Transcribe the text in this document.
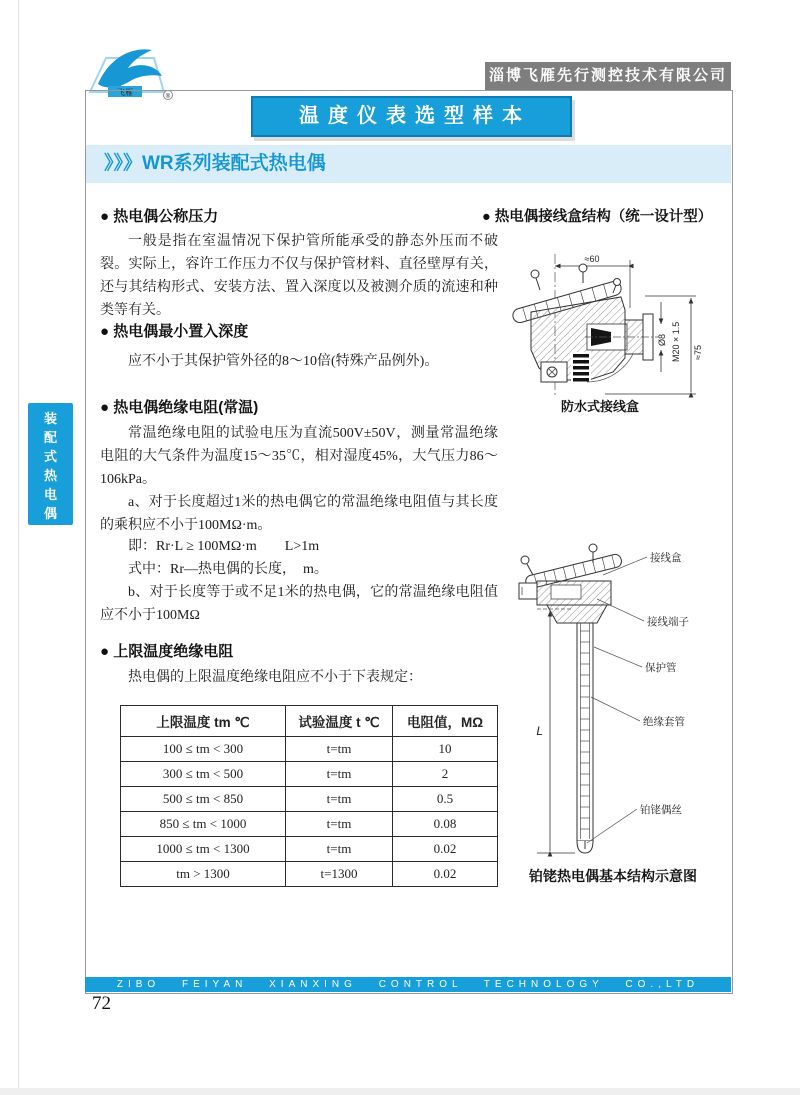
飞雁	®
淄博飞雁先行测控技术有限公司
温 度 仪 表 选 型 样 本
》》》WR系列装配式热电偶
装配式热电偶
● 热电偶公称压力
一般是指在室温情况下保护管所能承受的静态外压而不破裂。实际上，容许工作压力不仅与保护管材料、直径壁厚有关，还与其结构形式、安装方法、置入深度以及被测介质的流速和种类等有关。
● 热电偶最小置入深度
应不小于其保护管外径的8～10倍(特殊产品例外)。
● 热电偶绝缘电阻(常温)
常温绝缘电阻的试验电压为直流500V±50V，测量常温绝缘电阻的大气条件为温度15～35℃，相对湿度45%，大气压力86～106kPa。
a、对于长度超过1米的热电偶它的常温绝缘电阻值与其长度的乘积应不小于100MΩ·m。
即：Rr·L ≥ 100MΩ·m　　L>1m
式中：Rr—热电偶的长度，　m。
b、对于长度等于或不足1米的热电偶，它的常温绝缘电阻值应不小于100MΩ
● 上限温度绝缘电阻
热电偶的上限温度绝缘电阻应不小于下表规定：
上限温度 tm ℃	试验温度 t ℃	电阻值，MΩ
100 ≤ tm < 300	t=tm	10
300 ≤ tm < 500	t=tm	2
500 ≤ tm < 850	t=tm	0.5
850 ≤ tm < 1000	t=tm	0.08
1000 ≤ tm < 1300	t=tm	0.02
tm > 1300	t=1300	0.02
● 热电偶接线盒结构（统一设计型）
≈60
Ø8 M20 × 1.5 ≈75
防水式接线盒
L
接线盒
接线端子
保护管
绝缘套管
铂铑偶丝
铂铑热电偶基本结构示意图
ZIBO FEIYAN XIANXING CONTROL TECHNOLOGY CO.,LTD
72
